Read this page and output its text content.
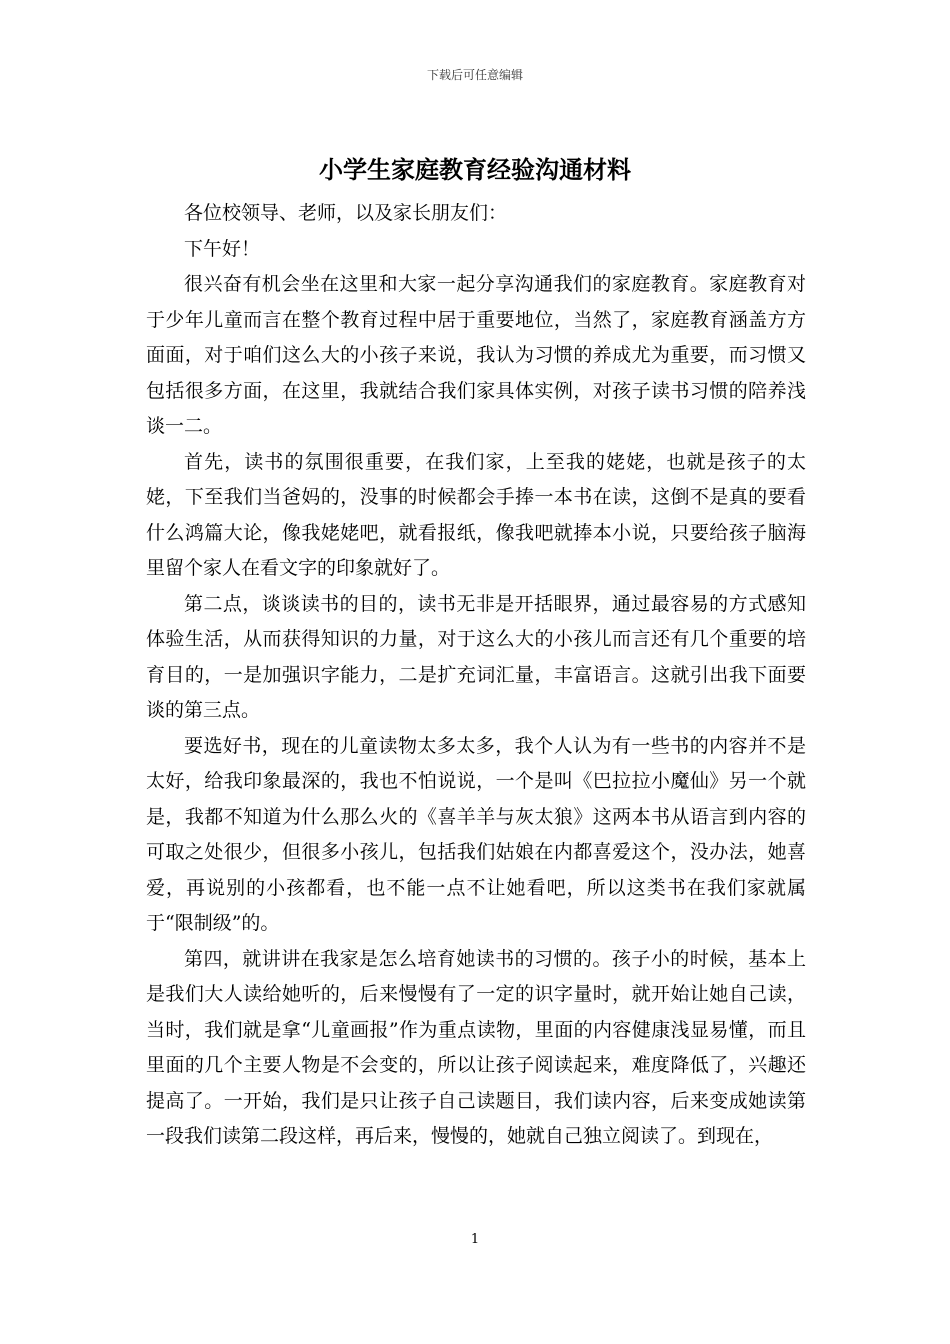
下载后可任意编辑
小学生家庭教育经验沟通材料

各位校领导、老师，以及家长朋友们：

下午好！

很兴奋有机会坐在这里和大家一起分享沟通我们的家庭教育。家庭教育对于少年儿童而言在整个教育过程中居于重要地位，当然了，家庭教育涵盖方方面面，对于咱们这么大的小孩子来说，我认为习惯的养成尤为重要，而习惯又包括很多方面，在这里，我就结合我们家具体实例，对孩子读书习惯的陪养浅谈一二。

首先，读书的氛围很重要，在我们家，上至我的姥姥，也就是孩子的太姥，下至我们当爸妈的，没事的时候都会手捧一本书在读，这倒不是真的要看什么鸿篇大论，像我姥姥吧，就看报纸，像我吧就捧本小说，只要给孩子脑海里留个家人在看文字的印象就好了。

第二点，谈谈读书的目的，读书无非是开括眼界，通过最容易的方式感知体验生活，从而获得知识的力量，对于这么大的小孩儿而言还有几个重要的培育目的，一是加强识字能力，二是扩充词汇量，丰富语言。这就引出我下面要谈的第三点。

要选好书，现在的儿童读物太多太多，我个人认为有一些书的内容并不是太好，给我印象最深的，我也不怕说说，一个是叫《巴拉拉小魔仙》另一个就是，我都不知道为什么那么火的《喜羊羊与灰太狼》这两本书从语言到内容的可取之处很少，但很多小孩儿，包括我们姑娘在内都喜爱这个，没办法，她喜爱，再说别的小孩都看，也不能一点不让她看吧，所以这类书在我们家就属于“限制级”的。

第四，就讲讲在我家是怎么培育她读书的习惯的。孩子小的时候，基本上是我们大人读给她听的，后来慢慢有了一定的识字量时，就开始让她自己读，当时，我们就是拿“儿童画报”作为重点读物，里面的内容健康浅显易懂，而且里面的几个主要人物是不会变的，所以让孩子阅读起来，难度降低了，兴趣还提高了。一开始，我们是只让孩子自己读题目，我们读内容，后来变成她读第一段我们读第二段这样，再后来，慢慢的，她就自己独立阅读了。到现在，

1
